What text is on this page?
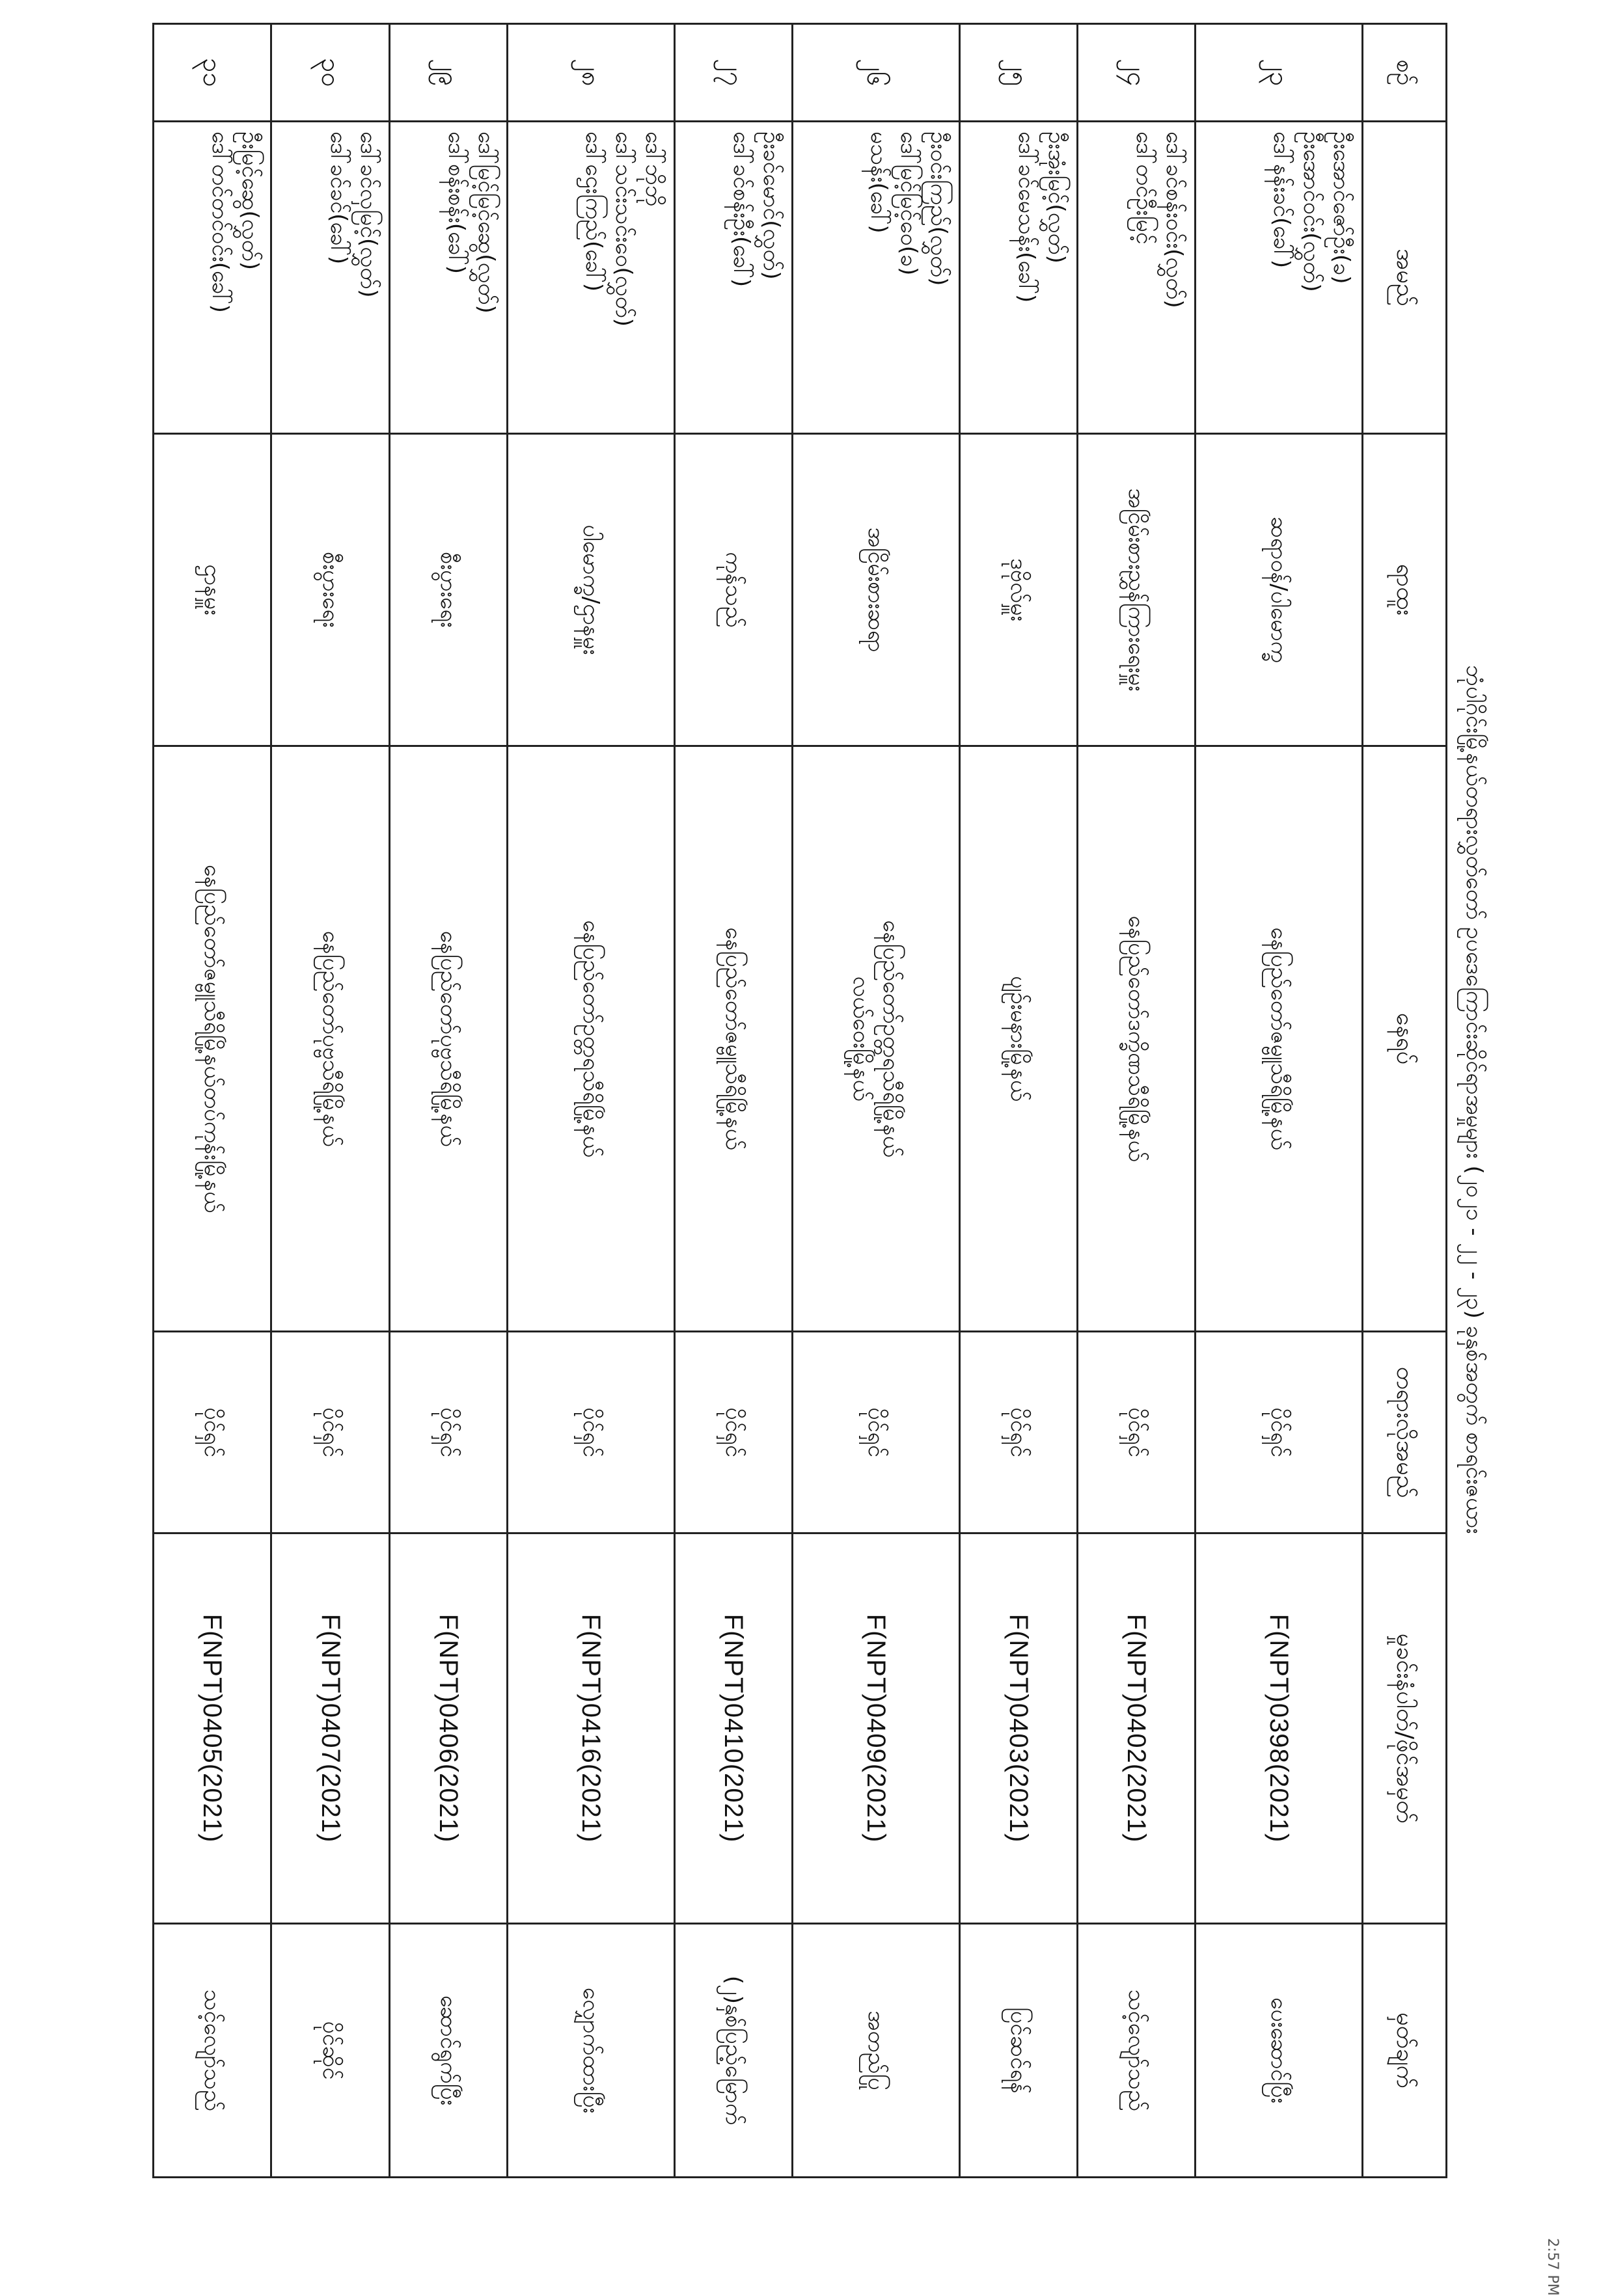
ဘုံပါဂိုင်းမြို့နယ်တရားလွှတ်တော် ဥပဒေကြောင်းဆိုင်ရာအမှုများ (၂၀၂၁ - ၂၂ - ၂၃) ခုနှစ်အတွက် စာရင်းဇယား
စဉ်	အမည်	ရာထူး	နေရပ်	တရားလိုအမည်	မှုခင်းနံပါတ်/ဖိုင်အမှတ်	မှတ်ချက်
၂၃	ဦးအောင်ဇော်ဦး(ခ)
ဦးအောင်ဝင်း(လွှတ်)
ဒေါ်နန်းခင်(ခေါ်)	ဆရာဝန်/ပါမောက္ခ	နေပြည်တော်ဇမ္ဗူသီရိမြို့နယ်	ပိုင်ရှင်	F(NPT)0398(2021)	ပေးဆောင်ပြီး
၂၄	ဒေါ်ခင်စန်းဝင်း(လွှတ်)
ဒေါ်တင်ဦးမြင့်	အငြိမ်းစားညွှန်ကြားရေးမှူး	နေပြည်တော်ဒက္ခိဏသီရိမြို့နယ်	ပိုင်ရှင်	F(NPT)0402(2021)	သင့်လျော်သည်
၂၅	ဦးအုံးမြင့်(လွှတ်)
ဒေါ်ခင်မေသန်း(ခေါ်)	ဒုဗိုလ်မှူး	ပျဉ်းမနားမြို့နယ်	ပိုင်ရှင်	F(NPT)0403(2021)	ပြင်ဆင်ရန်
၂၆	ဦးဝင်းကြည်(လွှတ်)
ဒေါ်မြင့်မြင့်ဝေ(ခ)
မသန်း(ခေါ်)	အငြိမ်းစားဆရာ	နေပြည်တော်ဥတ္တရသီရိမြို့နယ်
လယ်ဝေးမြို့နယ်	ပိုင်ရှင်	F(NPT)0409(2021)	အတည်ပြု
၂၇	ဦးခင်မောင်(လွှတ်)
ဒေါ်ခင်စန်းဦး(ခေါ်)	ကုန်သည်	နေပြည်တော်ဇမ္ဗူသီရိမြို့နယ်	ပိုင်ရှင်	F(NPT)0410(2021)	(၂)နှစ်ပြည့်မြောက်
၂၈	ဒေါ်ဘိုဘို
ဒေါ်သင်းသင်းဝေ(လွှတ်)
ဒေါ်ဌေးကြည်(ခေါ်)	ပါမောက္ခ/ဌာနမှူး	နေပြည်တော်ဥတ္တရသီရိမြို့နယ်	ပိုင်ရှင်	F(NPT)0416(2021)	လျှောက်ထားပြီး
၂၉	ဒေါ်မြင့်မြင့်ဆွေ(လွှတ်)
ဒေါ်စန်းစန်း(ခေါ်)	စီးပွားရေး	နေပြည်တော်ပုဗ္ဗသီရိမြို့နယ်	ပိုင်ရှင်	F(NPT)0406(2021)	ဆောင်ရွက်ပြီး
၃၀	ဒေါ်ခင်လှမြင့်(လွှတ်)
ဒေါ်ခင်ခင်(ခေါ်)	စီးပွားရေး	နေပြည်တော်ပုဗ္ဗသီရိမြို့နယ်	ပိုင်ရှင်	F(NPT)0407(2021)	ပိုင်ဆိုင်
၃၁	ဦးမြင့်ဆွေ(လွှတ်)
ဒေါ်တင်တင်ဝင်း(ခေါ်)	ဌာနမှူး	နေပြည်တော်ဇမ္ဗူသီရိမြို့နယ်တပ်ကုန်းမြို့နယ်	ပိုင်ရှင်	F(NPT)0405(2021)	သင့်လျော်သည်
2:57 PM
